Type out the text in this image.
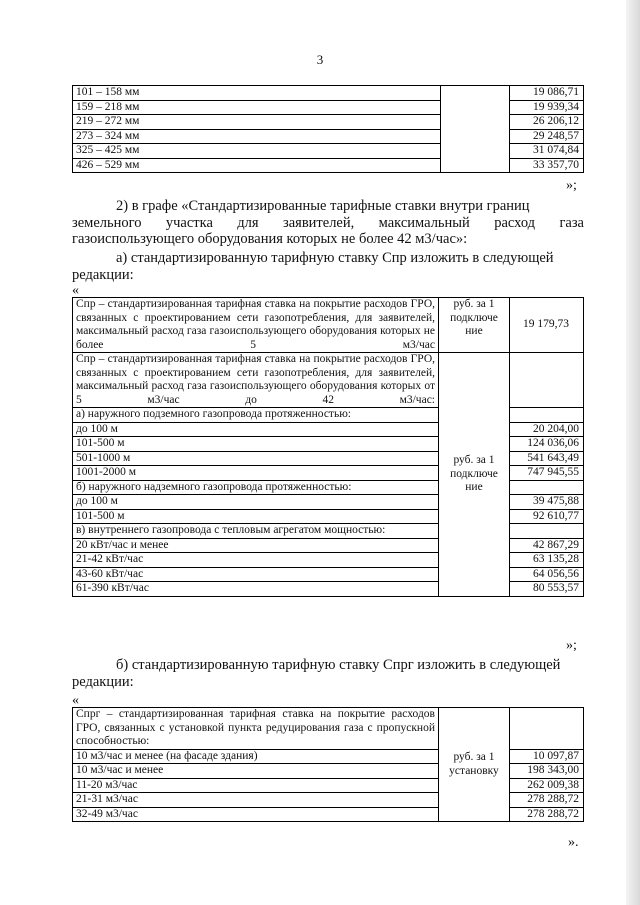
3
101 – 158 мм		19 086,71
159 – 218 мм		19 939,34
219 – 272 мм		26 206,12
273 – 324 мм		29 248,57
325 – 425 мм		31 074,84
426 – 529 мм		33 357,70
»;
2) в графе «Стандартизированные тарифные ставки внутри границ
земельного участка для заявителей, максимальный расход газа
газоиспользующего оборудования которых не более 42 м3/час»:
а) стандартизированную тарифную ставку Спр изложить в следующей
редакции:
«
Спр – стандартизированная тарифная ставка на покрытие расходов ГРО, связанных с проектированием сети газопотребления, для заявителей, максимальный расход газа газоиспользующего оборудования которых не более 5 м3/час	руб. за 1 подключе ние	19 179,73
Спр – стандартизированная тарифная ставка на покрытие расходов ГРО, связанных с проектированием сети газопотребления, для заявителей, максимальный расход газа газоиспользующего оборудования которых от 5 м3/час до 42 м3/час:	руб. за 1 подключе ние	
а) наружного подземного газопровода протяженностью:		
до 100 м		20 204,00
101-500 м		124 036,06
501-1000 м		541 643,49
1001-2000 м		747 945,55
б) наружного надземного газопровода протяженностью:		
до 100 м		39 475,88
101-500 м		92 610,77
в) внутреннего газопровода с тепловым агрегатом мощностью:		
20 кВт/час и менее		42 867,29
21-42 кВт/час		63 135,28
43-60 кВт/час		64 056,56
61-390 кВт/час		80 553,57
»;
б) стандартизированную тарифную ставку Спрг изложить в следующей
редакции:
«
Спрг – стандартизированная тарифная ставка на покрытие расходов ГРО, связанных с установкой пункта редуцирования газа с пропускной способностью:	руб. за 1 установку	
10 м3/час и менее (на фасаде здания)		10 097,87
10 м3/час и менее		198 343,00
11-20 м3/час		262 009,38
21-31 м3/час		278 288,72
32-49 м3/час		278 288,72
».
